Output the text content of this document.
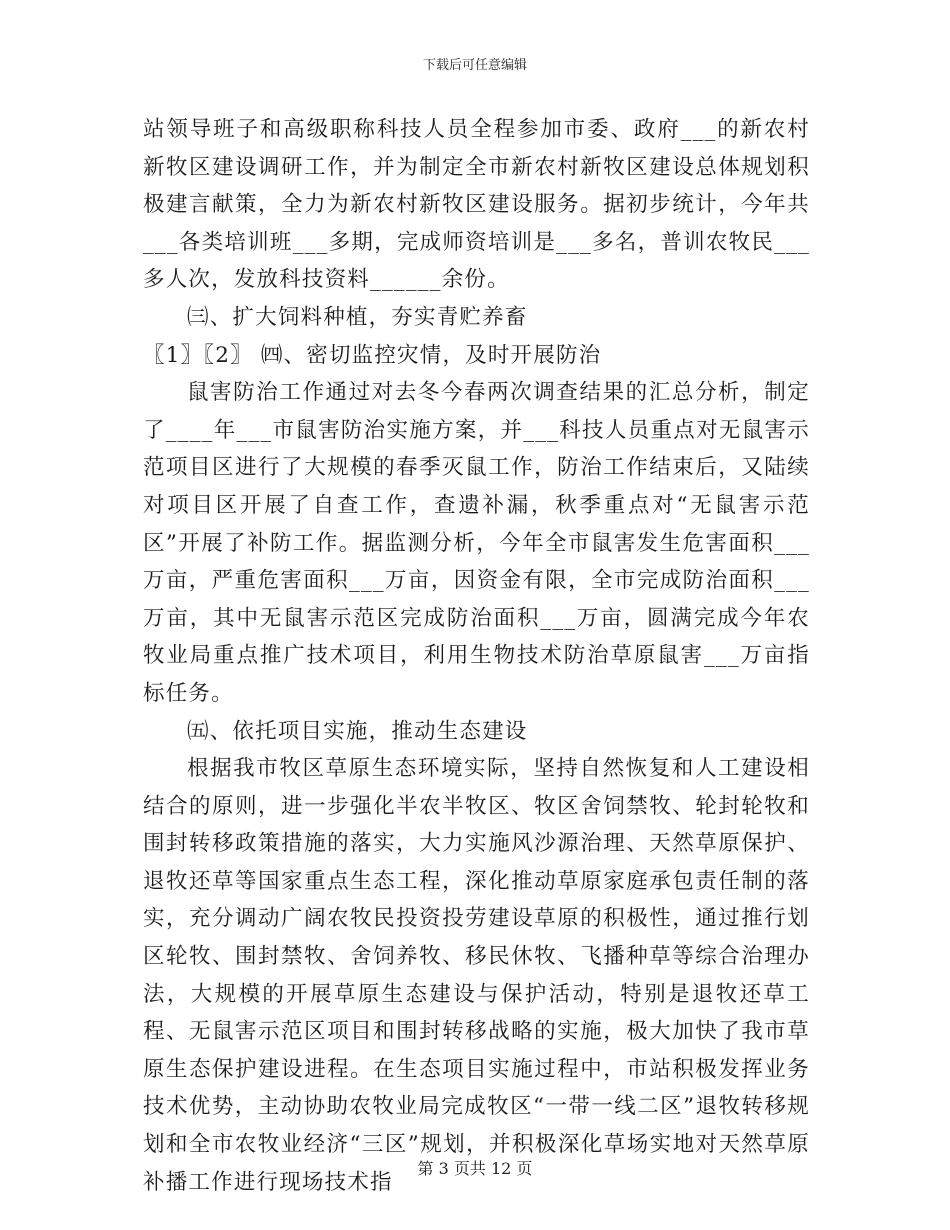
下载后可任意编辑

站领导班子和高级职称科技人员全程参加市委、政府___的新农村新牧区建设调研工作，并为制定全市新农村新牧区建设总体规划积极建言献策，全力为新农村新牧区建设服务。据初步统计，今年共___各类培训班___多期，完成师资培训是___多名，普训农牧民___多人次，发放科技资料______余份。

㈢、扩大饲料种植，夯实青贮养畜

〖1〗〖2〗 ㈣、密切监控灾情，及时开展防治

鼠害防治工作通过对去冬今春两次调查结果的汇总分析，制定了____年___市鼠害防治实施方案，并___科技人员重点对无鼠害示范项目区进行了大规模的春季灭鼠工作，防治工作结束后，又陆续对项目区开展了自查工作，查遗补漏，秋季重点对“无鼠害示范区”开展了补防工作。据监测分析，今年全市鼠害发生危害面积___万亩，严重危害面积___万亩，因资金有限，全市完成防治面积___万亩，其中无鼠害示范区完成防治面积___万亩，圆满完成今年农牧业局重点推广技术项目，利用生物技术防治草原鼠害___万亩指标任务。

㈤、依托项目实施，推动生态建设

根据我市牧区草原生态环境实际，坚持自然恢复和人工建设相结合的原则，进一步强化半农半牧区、牧区舍饲禁牧、轮封轮牧和围封转移政策措施的落实，大力实施风沙源治理、天然草原保护、退牧还草等国家重点生态工程，深化推动草原家庭承包责任制的落实，充分调动广阔农牧民投资投劳建设草原的积极性，通过推行划区轮牧、围封禁牧、舍饲养牧、移民休牧、飞播种草等综合治理办法，大规模的开展草原生态建设与保护活动，特别是退牧还草工程、无鼠害示范区项目和围封转移战略的实施，极大加快了我市草原生态保护建设进程。在生态项目实施过程中，市站积极发挥业务技术优势，主动协助农牧业局完成牧区“一带一线二区”退牧转移规划和全市农牧业经济“三区”规划，并积极深化草场实地对天然草原补播工作进行现场技术指

第 3 页共 12 页
